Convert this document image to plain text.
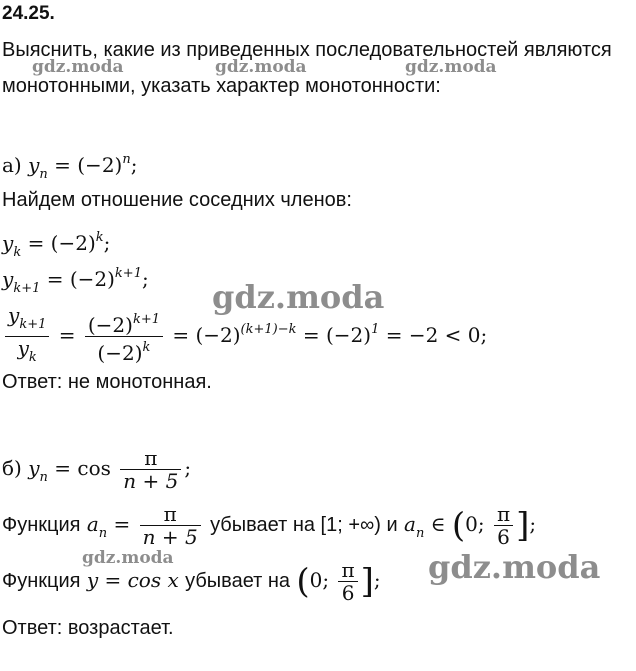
24.25.
Выяснить, какие из приведенных последовательностей являются
монотонными, указать характер монотонности:
а) $y_n = (-2)^n$;
Найдем отношение соседних членов:
$y_k = (-2)^k$;
$y_{k+1} = (-2)^{k+1}$;
$\frac{y_{k+1}}{y_k} = \frac{(-2)^{k+1}}{(-2)^k} = (-2)^{(k+1)-k} = (-2)^1 = -2 < 0$;
Ответ: не монотонная.
б) $y_n = \cos \frac{\pi}{n + 5}$ ;
Функция $a_n = \frac{\pi}{n + 5}$ убывает на [1; +∞) и $a_n$ ∈ (0; $\frac{\pi}{6}$ ];
Функция y = cos x убывает на (0; $\frac{\pi}{6}$ ];
Ответ: возрастает.
gdz.moda	gdz.moda	gdz.moda
gdz.moda
gdz.moda	gdz.moda
